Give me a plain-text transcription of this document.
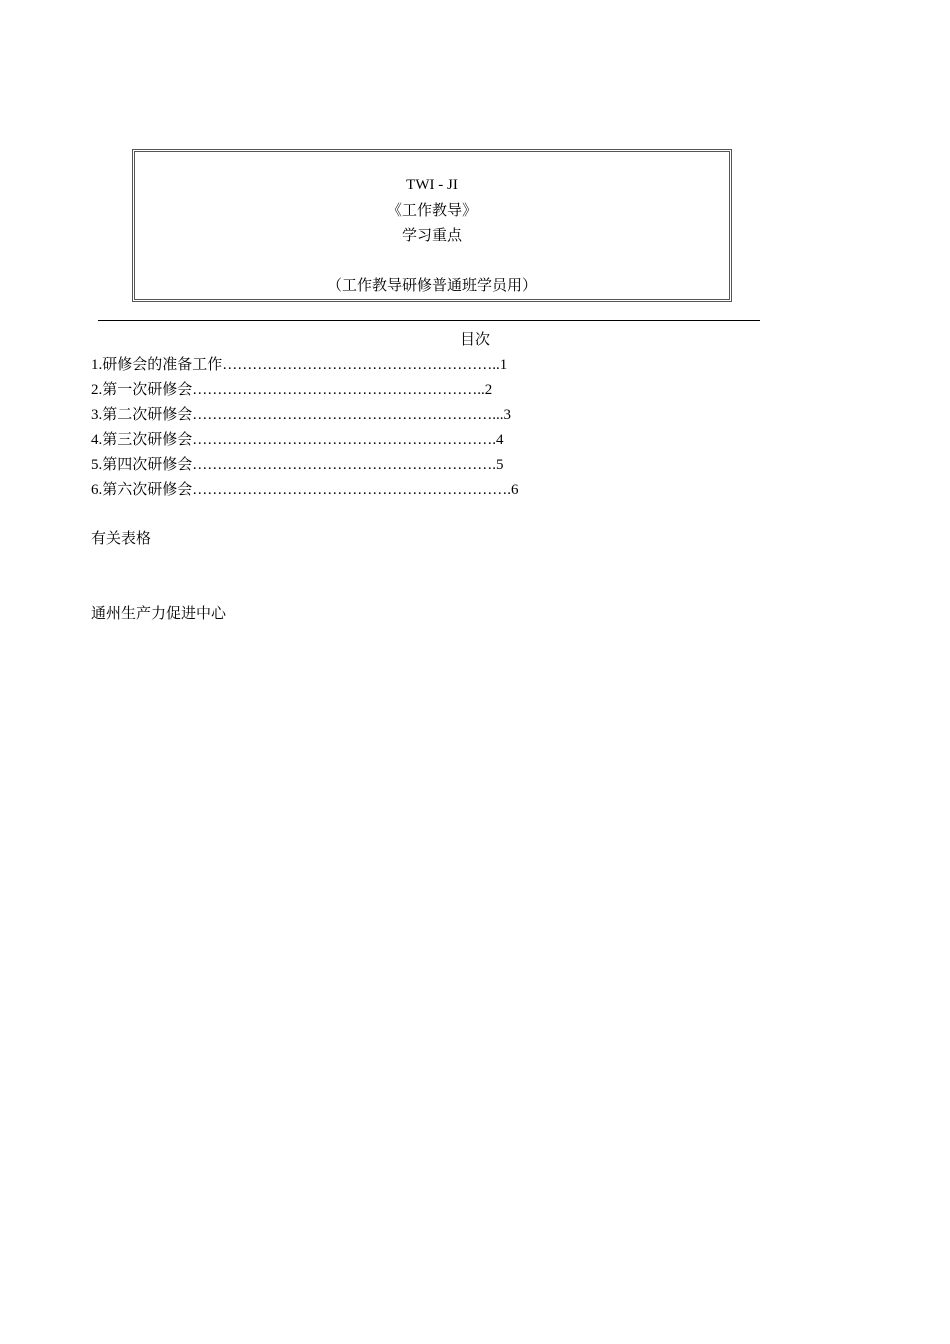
TWI - JI
《工作教导》
学习重点
（工作教导研修普通班学员用）
目次
1.研修会的准备工作………………………………………………..1
2.第一次研修会…………………………………………………..2
3.第二次研修会……………………………………………………...3
4.第三次研修会…………………………………………………….4
5.第四次研修会…………………………………………………….5
6.第六次研修会……………………………………………………….6
有关表格
通州生产力促进中心
